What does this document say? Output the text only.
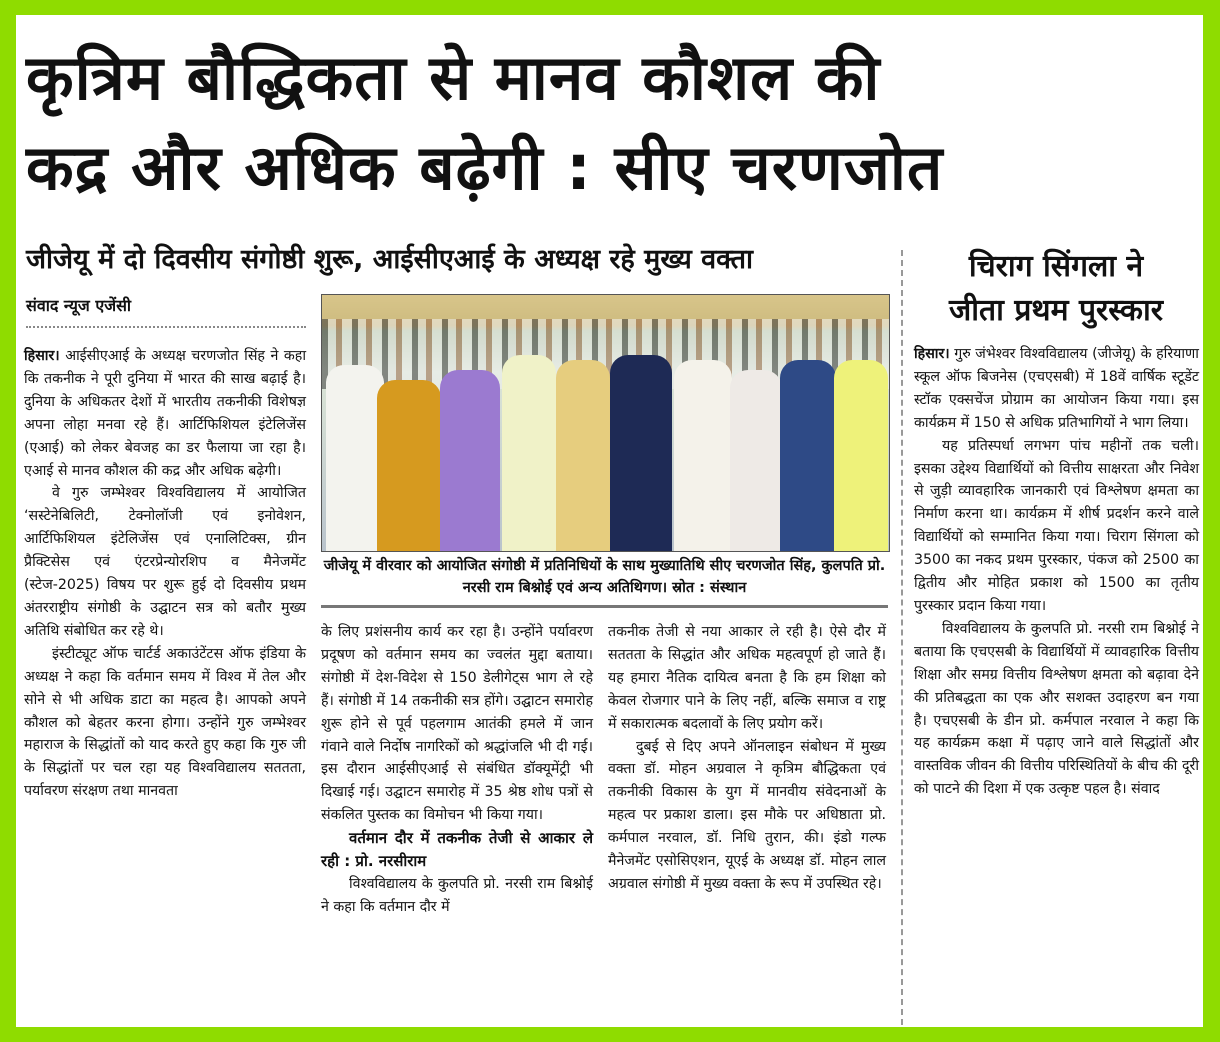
कृत्रिम बौद्धिकता से मानव कौशल की
कद्र और अधिक बढ़ेगी : सीए चरणजोत
जीजेयू में दो दिवसीय संगोष्ठी शुरू, आईसीएआई के अध्यक्ष रहे मुख्य वक्ता
संवाद न्यूज एजेंसी

हिसार। आईसीएआई के अध्यक्ष चरणजोत सिंह ने कहा कि तकनीक ने पूरी दुनिया में भारत की साख बढ़ाई है। दुनिया के अधिकतर देशों में भारतीय तकनीकी विशेषज्ञ अपना लोहा मनवा रहे हैं। आर्टिफिशियल इंटेलिजेंस (एआई) को लेकर बेवजह का डर फैलाया जा रहा है। एआई से मानव कौशल की कद्र और अधिक बढ़ेगी।

वे गुरु जम्भेश्वर विश्वविद्यालय में आयोजित ‘सस्टेनेबिलिटी, टेक्नोलॉजी एवं इनोवेशन, आर्टिफिशियल इंटेलिजेंस एवं एनालिटिक्स, ग्रीन प्रैक्टिसेस एवं एंटरप्रेन्योरशिप व मैनेजमेंट (स्टेज-2025) विषय पर शुरू हुई दो दिवसीय प्रथम अंतरराष्ट्रीय संगोष्ठी के उद्घाटन सत्र को बतौर मुख्य अतिथि संबोधित कर रहे थे।

इंस्टीट्यूट ऑफ चार्टर्ड अकाउंटेंटस ऑफ इंडिया के अध्यक्ष ने कहा कि वर्तमान समय में विश्व में तेल और सोने से भी अधिक डाटा का महत्व है। आपको अपने कौशल को बेहतर करना होगा। उन्होंने गुरु जम्भेश्वर महाराज के सिद्धांतों को याद करते हुए कहा कि गुरु जी के सिद्धांतों पर चल रहा यह विश्वविद्यालय सततता, पर्यावरण संरक्षण तथा मानवता

जीजेयू में वीरवार को आयोजित संगोष्ठी में प्रतिनिधियों के साथ मुख्यातिथि सीए चरणजोत सिंह, कुलपति प्रो. नरसी राम बिश्नोई एवं अन्य अतिथिगण। स्रोत : संस्थान

के लिए प्रशंसनीय कार्य कर रहा है। उन्होंने पर्यावरण प्रदूषण को वर्तमान समय का ज्वलंत मुद्दा बताया। संगोष्ठी में देश-विदेश से 150 डेलीगेट्स भाग ले रहे हैं। संगोष्ठी में 14 तकनीकी सत्र होंगे। उद्घाटन समारोह शुरू होने से पूर्व पहलगाम आतंकी हमले में जान गंवाने वाले निर्दोष नागरिकों को श्रद्धांजलि भी दी गई। इस दौरान आईसीएआई से संबंधित डॉक्यूमेंट्री भी दिखाई गई। उद्घाटन समारोह में 35 श्रेष्ठ शोध पत्रों से संकलित पुस्तक का विमोचन भी किया गया।

वर्तमान दौर में तकनीक तेजी से आकार ले रही : प्रो. नरसीराम

विश्वविद्यालय के कुलपति प्रो. नरसी राम बिश्नोई ने कहा कि वर्तमान दौर में

तकनीक तेजी से नया आकार ले रही है। ऐसे दौर में सततता के सिद्धांत और अधिक महत्वपूर्ण हो जाते हैं। यह हमारा नैतिक दायित्व बनता है कि हम शिक्षा को केवल रोजगार पाने के लिए नहीं, बल्कि समाज व राष्ट्र में सकारात्मक बदलावों के लिए प्रयोग करें।

दुबई से दिए अपने ऑनलाइन संबोधन में मुख्य वक्ता डॉ. मोहन अग्रवाल ने कृत्रिम बौद्धिकता एवं तकनीकी विकास के युग में मानवीय संवेदनाओं के महत्व पर प्रकाश डाला। इस मौके पर अधिष्ठाता प्रो. कर्मपाल नरवाल, डॉ. निधि तुरान, की। इंडो गल्फ मैनेजमेंट एसोसिएशन, यूएई के अध्यक्ष डॉ. मोहन लाल अग्रवाल संगोष्ठी में मुख्य वक्ता के रूप में उपस्थित रहे।

चिराग सिंगला ने
जीता प्रथम पुरस्कार

हिसार। गुरु जंभेश्वर विश्वविद्यालय (जीजेयू) के हरियाणा स्कूल ऑफ बिजनेस (एचएसबी) में 18वें वार्षिक स्टूडेंट स्टॉक एक्सचेंज प्रोग्राम का आयोजन किया गया। इस कार्यक्रम में 150 से अधिक प्रतिभागियों ने भाग लिया।

यह प्रतिस्पर्धा लगभग पांच महीनों तक चली। इसका उद्देश्य विद्यार्थियों को वित्तीय साक्षरता और निवेश से जुड़ी व्यावहारिक जानकारी एवं विश्लेषण क्षमता का निर्माण करना था। कार्यक्रम में शीर्ष प्रदर्शन करने वाले विद्यार्थियों को सम्मानित किया गया। चिराग सिंगला को 3500 का नकद प्रथम पुरस्कार, पंकज को 2500 का द्वितीय और मोहित प्रकाश को 1500 का तृतीय पुरस्कार प्रदान किया गया।

विश्वविद्यालय के कुलपति प्रो. नरसी राम बिश्नोई ने बताया कि एचएसबी के विद्यार्थियों में व्यावहारिक वित्तीय शिक्षा और समग्र वित्तीय विश्लेषण क्षमता को बढ़ावा देने की प्रतिबद्धता का एक और सशक्त उदाहरण बन गया है। एचएसबी के डीन प्रो. कर्मपाल नरवाल ने कहा कि यह कार्यक्रम कक्षा में पढ़ाए जाने वाले सिद्धांतों और वास्तविक जीवन की वित्तीय परिस्थितियों के बीच की दूरी को पाटने की दिशा में एक उत्कृष्ट पहल है। संवाद
